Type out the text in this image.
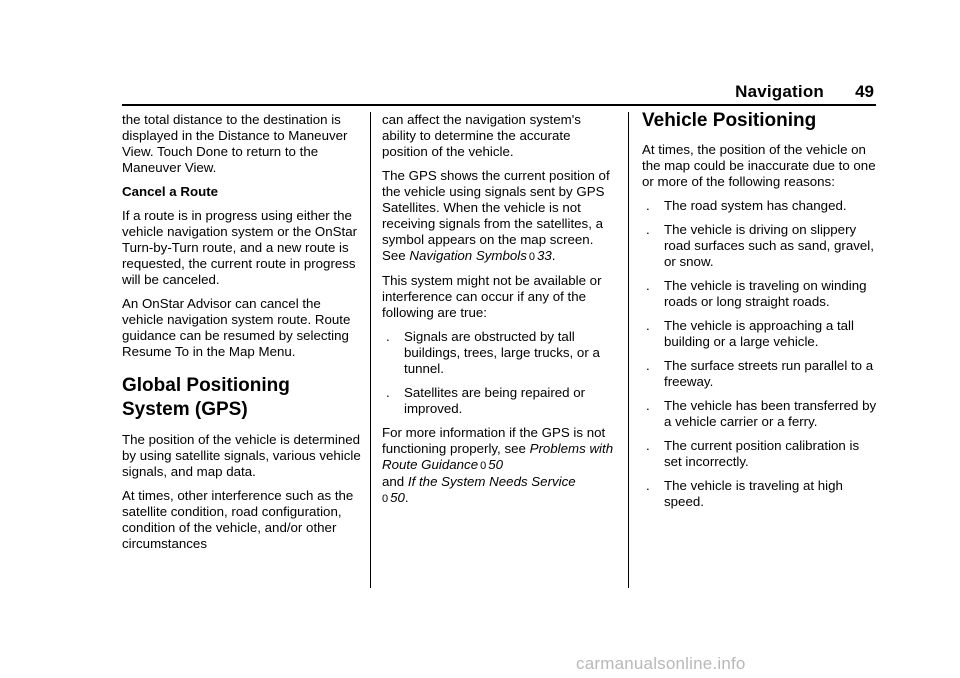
Navigation 49

the total distance to the destination is displayed in the Distance to Maneuver View. Touch Done to return to the Maneuver View.

Cancel a Route

If a route is in progress using either the vehicle navigation system or the OnStar Turn-by-Turn route, and a new route is requested, the current route in progress will be canceled.

An OnStar Advisor can cancel the vehicle navigation system route. Route guidance can be resumed by selecting Resume To in the Map Menu.

Global Positioning
System (GPS)

The position of the vehicle is determined by using satellite signals, various vehicle signals, and map data.

At times, other interference such as the satellite condition, road configuration, condition of the vehicle, and/or other circumstances

can affect the navigation system's ability to determine the accurate position of the vehicle.

The GPS shows the current position of the vehicle using signals sent by GPS Satellites. When the vehicle is not receiving signals from the satellites, a symbol appears on the map screen. See Navigation Symbols 0 33.

This system might not be available or interference can occur if any of the following are true:

.	Signals are obstructed by tall buildings, trees, large trucks, or a tunnel.
.	Satellites are being repaired or improved.

For more information if the GPS is not functioning properly, see Problems with Route Guidance 0 50
and If the System Needs Service
0 50.

Vehicle Positioning

At times, the position of the vehicle on the map could be inaccurate due to one or more of the following reasons:

.	The road system has changed.
.	The vehicle is driving on slippery road surfaces such as sand, gravel, or snow.
.	The vehicle is traveling on winding roads or long straight roads.
.	The vehicle is approaching a tall building or a large vehicle.
.	The surface streets run parallel to a freeway.
.	The vehicle has been transferred by a vehicle carrier or a ferry.
.	The current position calibration is set incorrectly.
.	The vehicle is traveling at high speed.
carmanualsonline.info
